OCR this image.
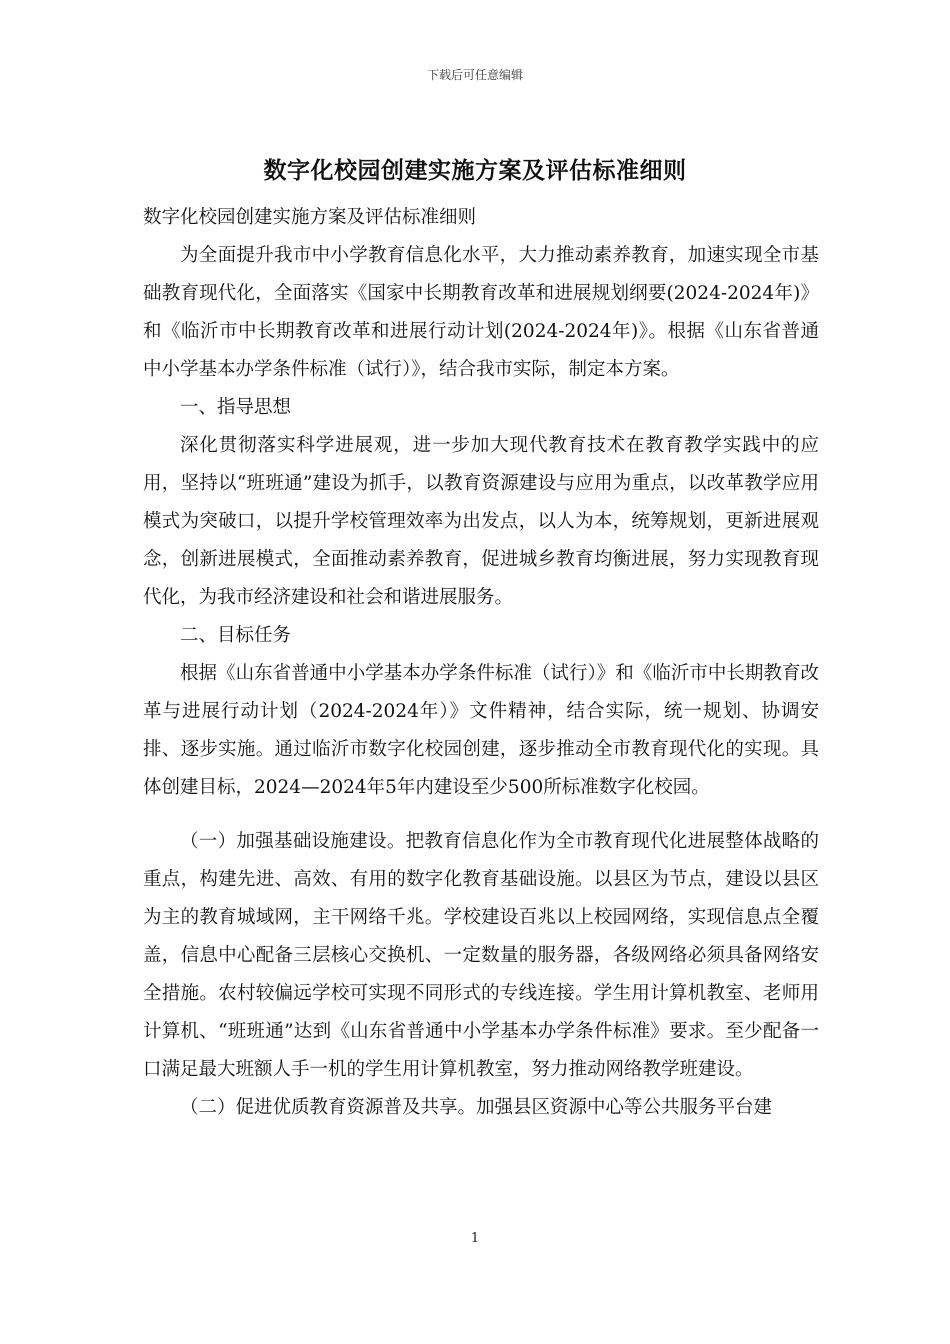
下载后可任意编辑
数字化校园创建实施方案及评估标准细则

数字化校园创建实施方案及评估标准细则

为全面提升我市中小学教育信息化水平，大力推动素养教育，加速实现全市基础教育现代化，全面落实《国家中长期教育改革和进展规划纲要(2024-2024年)》和《临沂市中长期教育改革和进展行动计划(2024-2024年)》。根据《山东省普通中小学基本办学条件标准（试行）》，结合我市实际，制定本方案。

一、指导思想

深化贯彻落实科学进展观，进一步加大现代教育技术在教育教学实践中的应用，坚持以“班班通”建设为抓手，以教育资源建设与应用为重点，以改革教学应用模式为突破口，以提升学校管理效率为出发点，以人为本，统筹规划，更新进展观念，创新进展模式，全面推动素养教育，促进城乡教育均衡进展，努力实现教育现代化，为我市经济建设和社会和谐进展服务。

二、目标任务

根据《山东省普通中小学基本办学条件标准（试行）》和《临沂市中长期教育改革与进展行动计划（2024-2024年）》文件精神，结合实际，统一规划、协调安排、逐步实施。通过临沂市数字化校园创建，逐步推动全市教育现代化的实现。具体创建目标，2024—2024年5年内建设至少500所标准数字化校园。

（一）加强基础设施建设。把教育信息化作为全市教育现代化进展整体战略的重点，构建先进、高效、有用的数字化教育基础设施。以县区为节点，建设以县区为主的教育城域网，主干网络千兆。学校建设百兆以上校园网络，实现信息点全覆盖，信息中心配备三层核心交换机、一定数量的服务器，各级网络必须具备网络安全措施。农村较偏远学校可实现不同形式的专线连接。学生用计算机教室、老师用计算机、“班班通”达到《山东省普通中小学基本办学条件标准》要求。至少配备一口满足最大班额人手一机的学生用计算机教室，努力推动网络教学班建设。

（二）促进优质教育资源普及共享。加强县区资源中心等公共服务平台建

1
